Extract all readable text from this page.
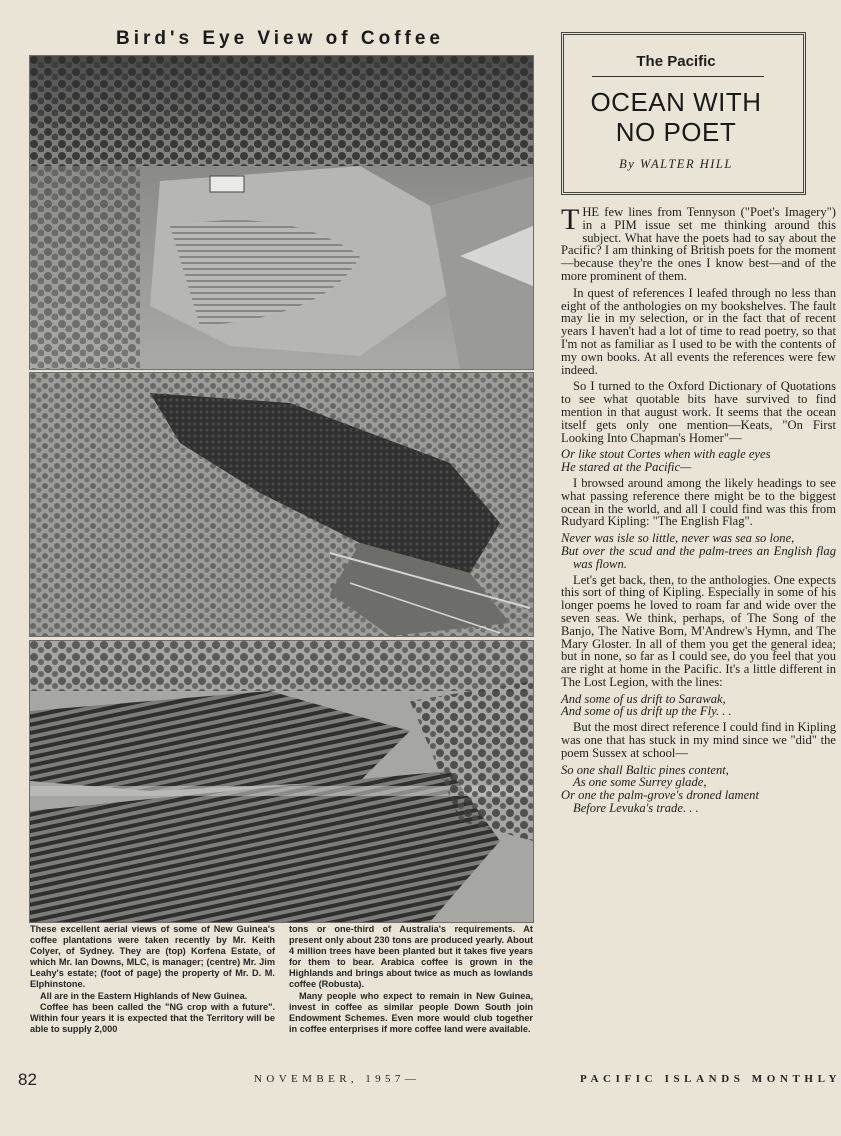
Bird's Eye View of Coffee

These excellent aerial views of some of New Guinea's coffee plantations were taken recently by Mr. Keith Colyer, of Sydney. They are (top) Korfena Estate, of which Mr. Ian Downs, MLC, is manager; (centre) Mr. Jim Leahy's estate; (foot of page) the property of Mr. D. M. Elphinstone.

All are in the Eastern Highlands of New Guinea.

Coffee has been called the "NG crop with a future". Within four years it is expected that the Territory will be able to supply 2,000

tons or one-third of Australia's requirements. At present only about 230 tons are produced yearly. About 4 million trees have been planted but it takes five years for them to bear. Arabica coffee is grown in the Highlands and brings about twice as much as lowlands coffee (Robusta).

Many people who expect to remain in New Guinea, invest in coffee as similar people Down South join Endowment Schemes. Even more would club together in coffee enterprises if more coffee land were available.

82	NOVEMBER, 1957—	PACIFIC ISLANDS MONTHLY
The Pacific
OCEAN WITH
NO POET
By WALTER HILL

THE few lines from Tennyson ("Poet's Imagery") in a PIM issue set me thinking around this subject. What have the poets had to say about the Pacific? I am thinking of British poets for the moment—because they're the ones I know best—and of the more prominent of them.

In quest of references I leafed through no less than eight of the anthologies on my bookshelves. The fault may lie in my selection, or in the fact that of recent years I haven't had a lot of time to read poetry, so that I'm not as familiar as I used to be with the contents of my own books. At all events the references were few indeed.

So I turned to the Oxford Dictionary of Quotations to see what quotable bits have survived to find mention in that august work. It seems that the ocean itself gets only one mention—Keats, "On First Looking Into Chapman's Homer"—

Or like stout Cortes when with eagle eyes
He stared at the Pacific—

I browsed around among the likely headings to see what passing reference there might be to the biggest ocean in the world, and all I could find was this from Rudyard Kipling: "The English Flag".

Never was isle so little, never was sea so lone,
But over the scud and the palm-trees an English flag was flown.

Let's get back, then, to the anthologies. One expects this sort of thing of Kipling. Especially in some of his longer poems he loved to roam far and wide over the seven seas. We think, perhaps, of The Song of the Banjo, The Native Born, M'Andrew's Hymn, and The Mary Gloster. In all of them you get the general idea; but in none, so far as I could see, do you feel that you are right at home in the Pacific. It's a little different in The Lost Legion, with the lines:

And some of us drift to Sarawak,
And some of us drift up the Fly. . .

But the most direct reference I could find in Kipling was one that has stuck in my mind since we "did" the poem Sussex at school—

So one shall Baltic pines content,
As one some Surrey glade,
Or one the palm-grove's droned lament
Before Levuka's trade. . .
